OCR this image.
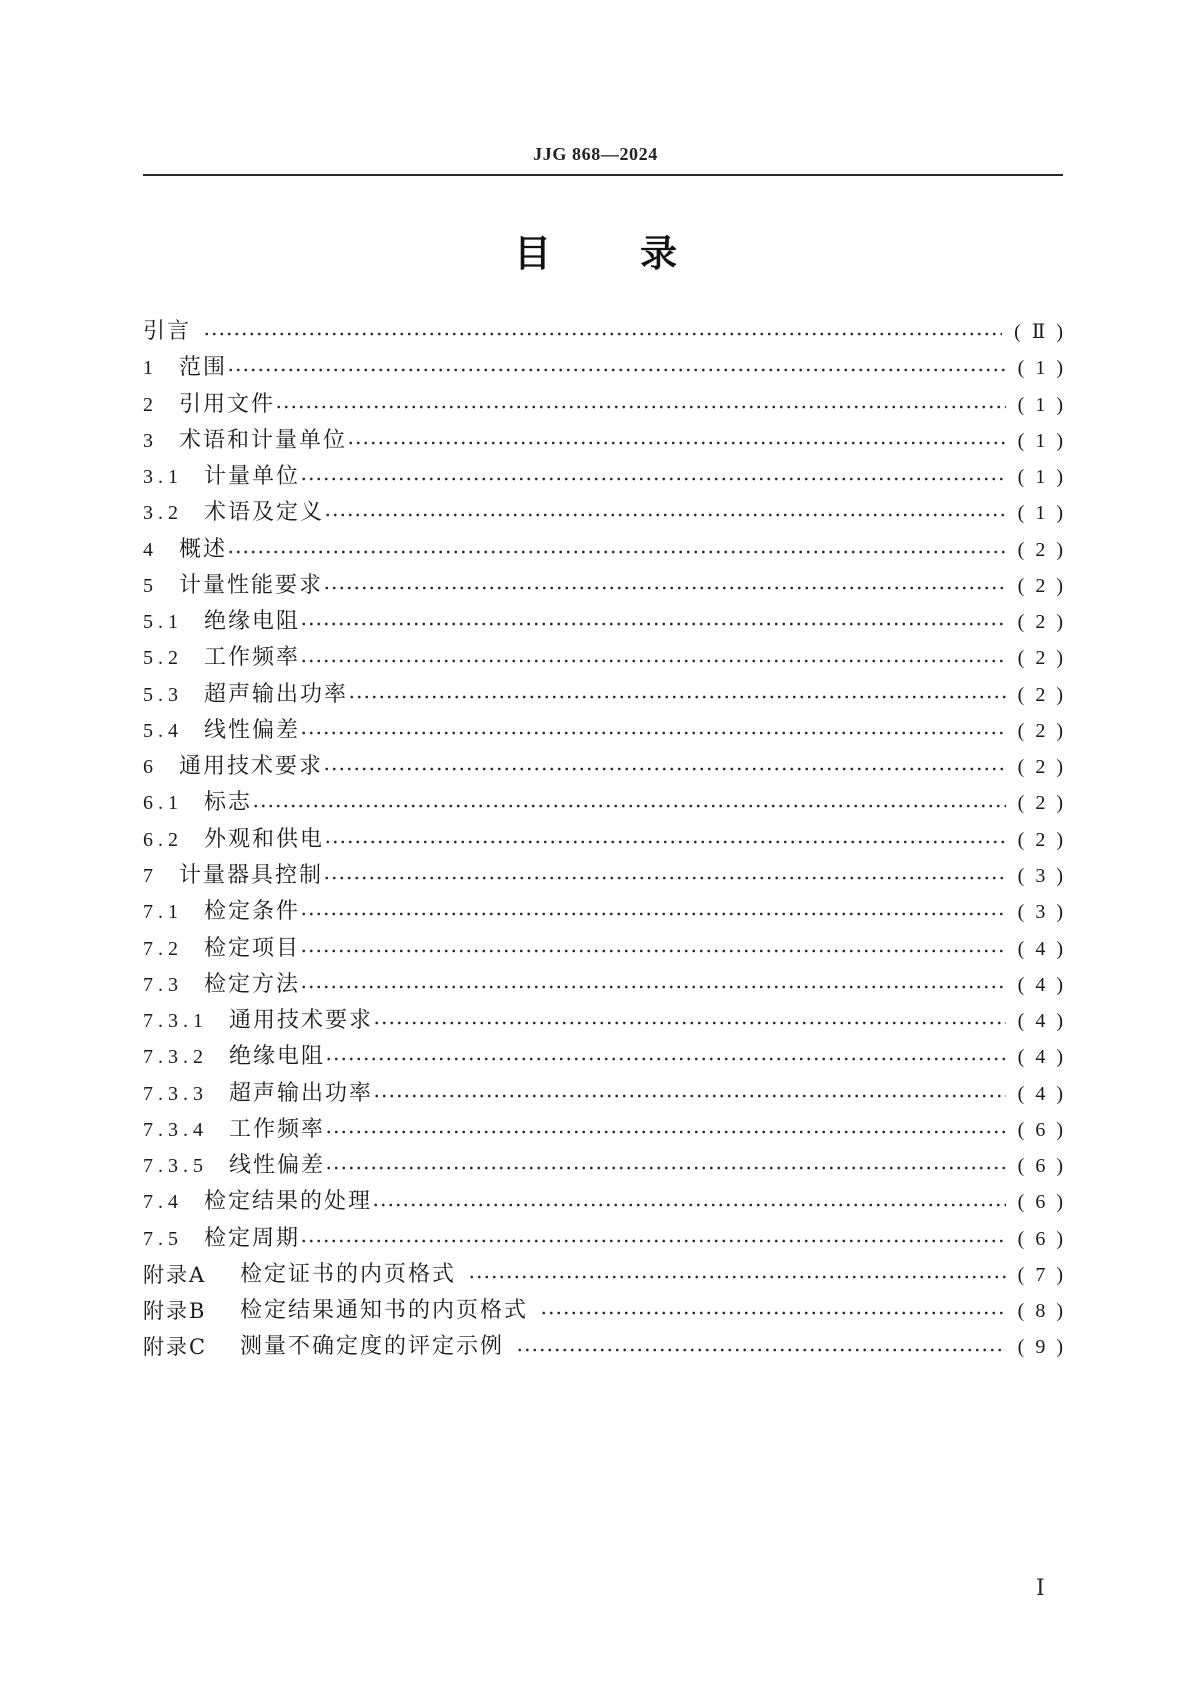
JJG 868—2024
目录
引言	(Ⅱ)
1 范围	(1)
2 引用文件	(1)
3 术语和计量单位	(1)
3.1 计量单位	(1)
3.2 术语及定义	(1)
4 概述	(2)
5 计量性能要求	(2)
5.1 绝缘电阻	(2)
5.2 工作频率	(2)
5.3 超声输出功率	(2)
5.4 线性偏差	(2)
6 通用技术要求	(2)
6.1 标志	(2)
6.2 外观和供电	(2)
7 计量器具控制	(3)
7.1 检定条件	(3)
7.2 检定项目	(4)
7.3 检定方法	(4)
7.3.1 通用技术要求	(4)
7.3.2 绝缘电阻	(4)
7.3.3 超声输出功率	(4)
7.3.4 工作频率	(6)
7.3.5 线性偏差	(6)
7.4 检定结果的处理	(6)
7.5 检定周期	(6)
附录A	检定证书的内页格式	(7)
附录B	检定结果通知书的内页格式	(8)
附录C	测量不确定度的评定示例	(9)
Ⅰ
